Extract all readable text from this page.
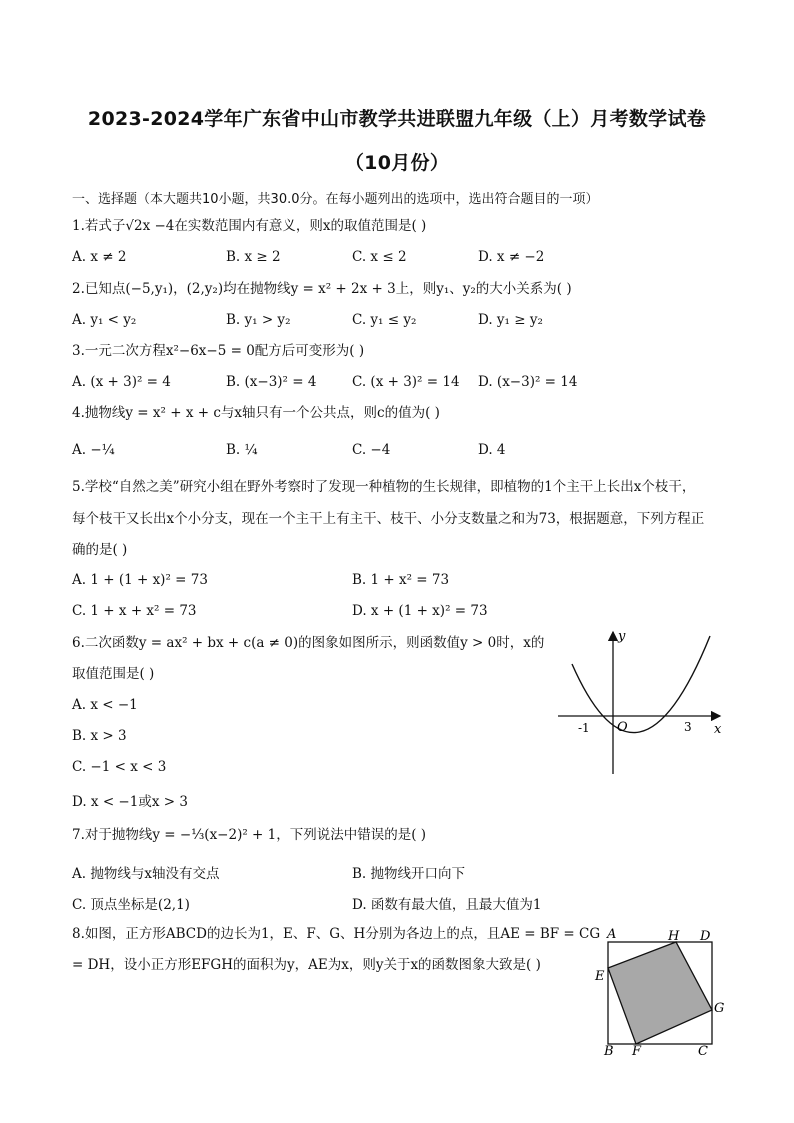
2023-2024学年广东省中山市教学共进联盟九年级（上）月考数学试卷
（10月份）
一、选择题（本大题共10小题，共30.0分。在每小题列出的选项中，选出符合题目的一项）
1.若式子√2x −4在实数范围内有意义，则x的取值范围是( )
A. x ≠ 2	B. x ≥ 2	C. x ≤ 2	D. x ≠ −2
2.已知点(−5,y₁)，(2,y₂)均在抛物线y = x² + 2x + 3上，则y₁、y₂的大小关系为( )
A. y₁ < y₂	B. y₁ > y₂	C. y₁ ≤ y₂	D. y₁ ≥ y₂
3.一元二次方程x²−6x−5 = 0配方后可变形为( )
A. (x + 3)² = 4	B. (x−3)² = 4	C. (x + 3)² = 14 D. (x−3)² = 14
4.抛物线y = x² + x + c与x轴只有一个公共点，则c的值为( )
A. −¼	B. ¼	C. −4	D. 4
5.学校“自然之美”研究小组在野外考察时了发现一种植物的生长规律，即植物的1个主干上长出x个枝干，
每个枝干又长出x个小分支，现在一个主干上有主干、枝干、小分支数量之和为73，根据题意，下列方程正
确的是( )
A. 1 + (1 + x)² = 73	B. 1 + x² = 73
C. 1 + x + x² = 73	D. x + (1 + x)² = 73
6.二次函数y = ax² + bx + c(a ≠ 0)的图象如图所示，则函数值y > 0时，x的
取值范围是( )
A. x < −1
B. x > 3
C. −1 < x < 3
D. x < −1或x > 3
y
x
O
-1	3
7.对于抛物线y = −⅓(x−2)² + 1，下列说法中错误的是( )
A. 抛物线与x轴没有交点	B. 抛物线开口向下
C. 顶点坐标是(2,1)	D. 函数有最大值，且最大值为1
8.如图，正方形ABCD的边长为1，E、F、G、H分别为各边上的点，且AE = BF = CG
= DH，设小正方形EFGH的面积为y，AE为x，则y关于x的函数图象大致是( )
A	H D
E
G
B F	C
